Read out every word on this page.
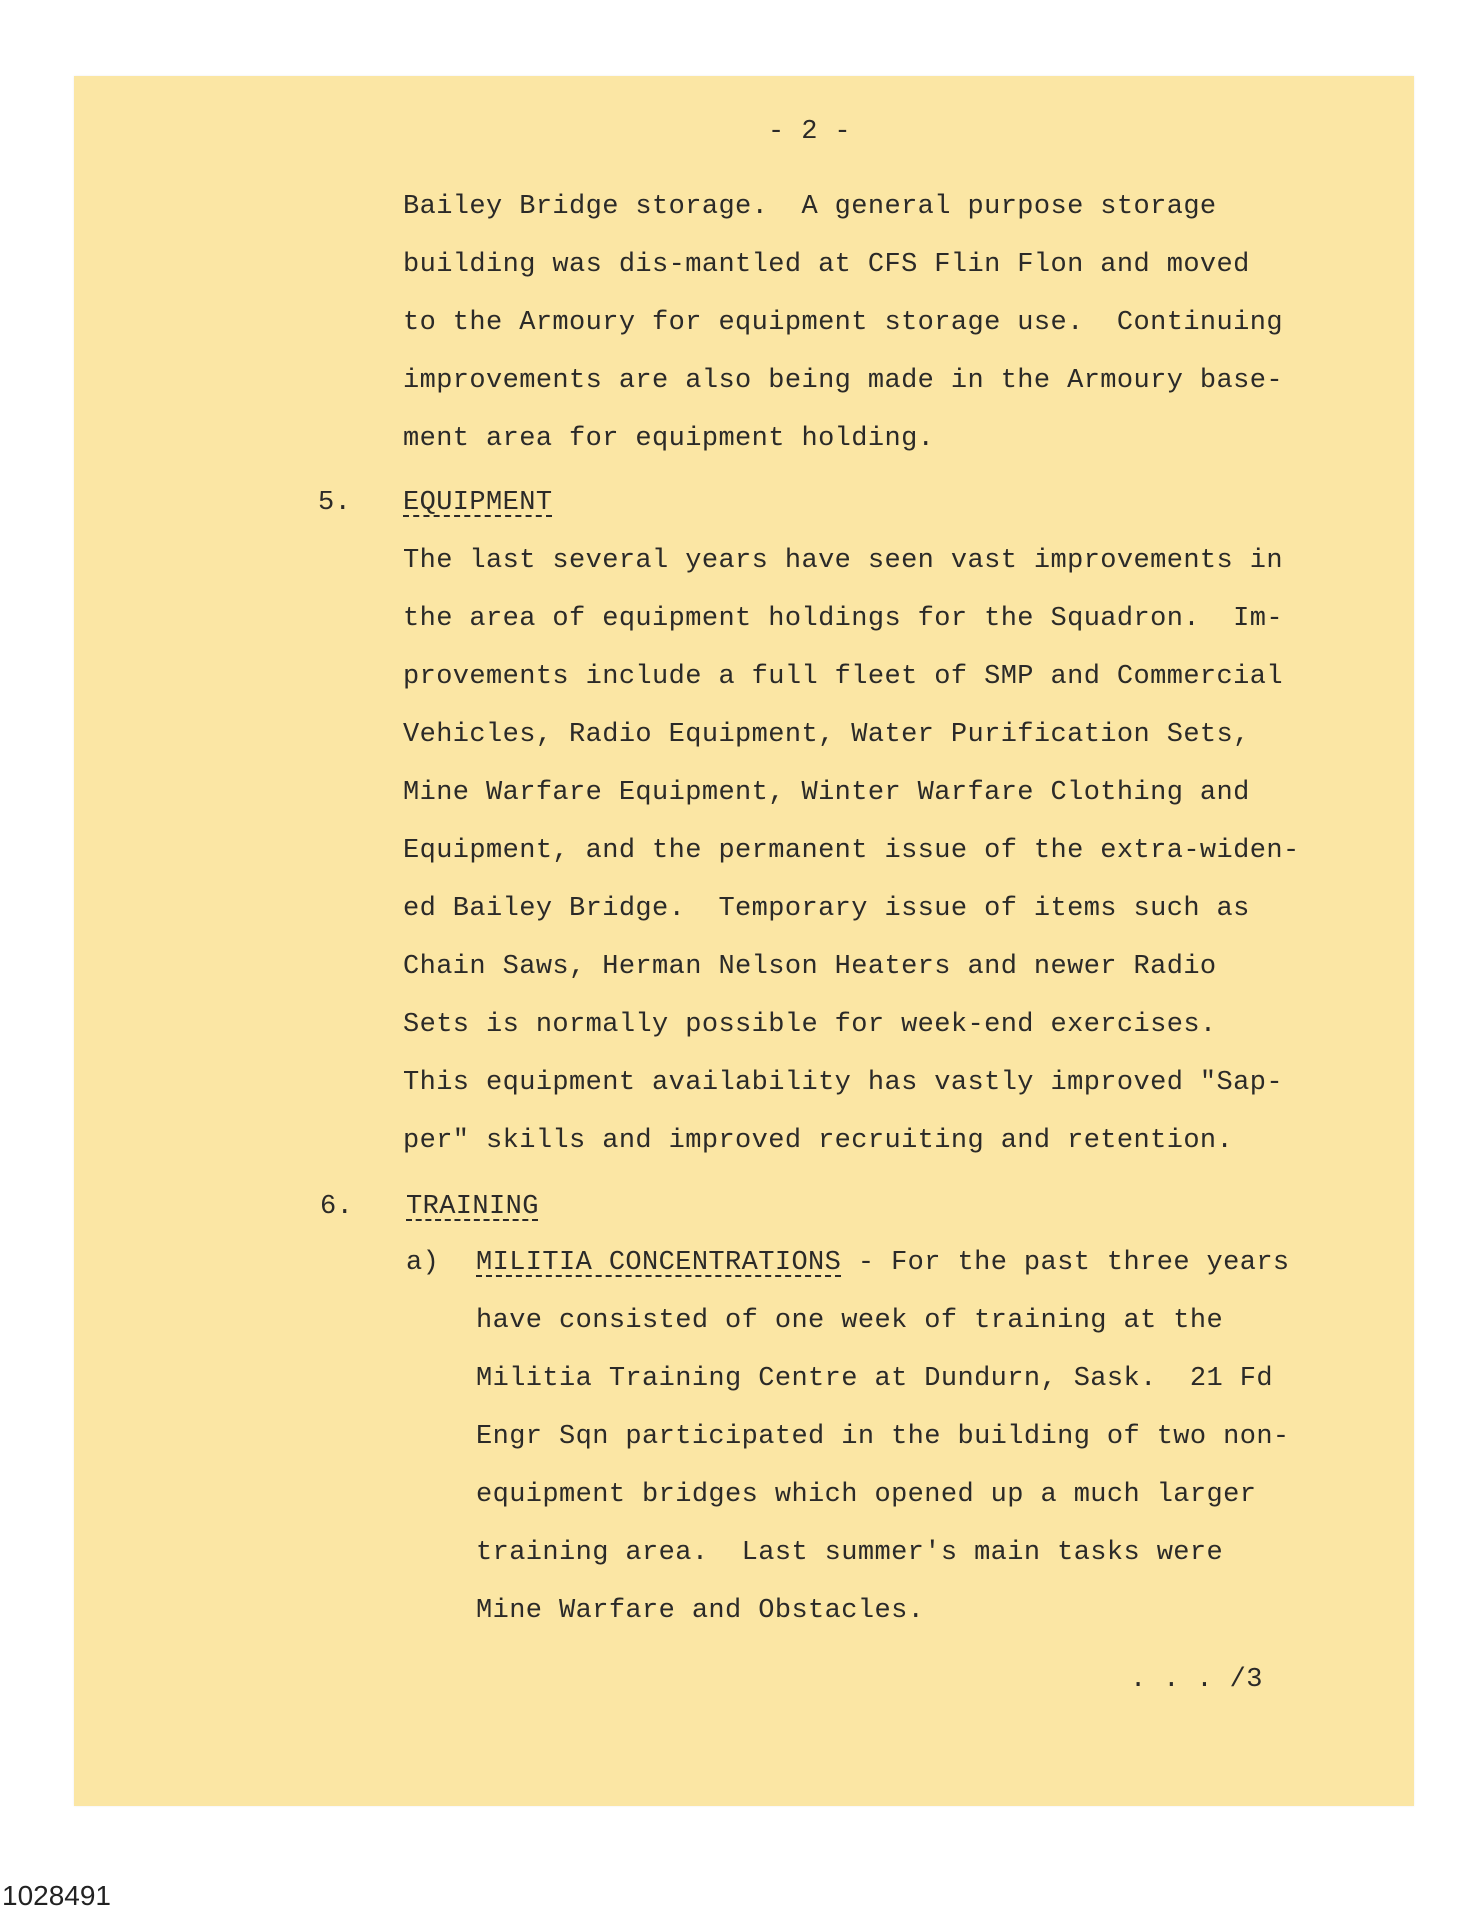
- 2 -
Bailey Bridge storage.  A general purpose storage
building was dis-mantled at CFS Flin Flon and moved
to the Armoury for equipment storage use.  Continuing
improvements are also being made in the Armoury base-
ment area for equipment holding.
5. EQUIPMENT
The last several years have seen vast improvements in
the area of equipment holdings for the Squadron.  Im-
provements include a full fleet of SMP and Commercial
Vehicles, Radio Equipment, Water Purification Sets,
Mine Warfare Equipment, Winter Warfare Clothing and
Equipment, and the permanent issue of the extra-widen-
ed Bailey Bridge.  Temporary issue of items such as
Chain Saws, Herman Nelson Heaters and newer Radio
Sets is normally possible for week-end exercises.
This equipment availability has vastly improved "Sap-
per" skills and improved recruiting and retention.
6. TRAINING
a) MILITIA CONCENTRATIONS - For the past three years
have consisted of one week of training at the
Militia Training Centre at Dundurn, Sask.  21 Fd
Engr Sqn participated in the building of two non-
equipment bridges which opened up a much larger
training area.  Last summer's main tasks were
Mine Warfare and Obstacles.
. . . /3
1028491
